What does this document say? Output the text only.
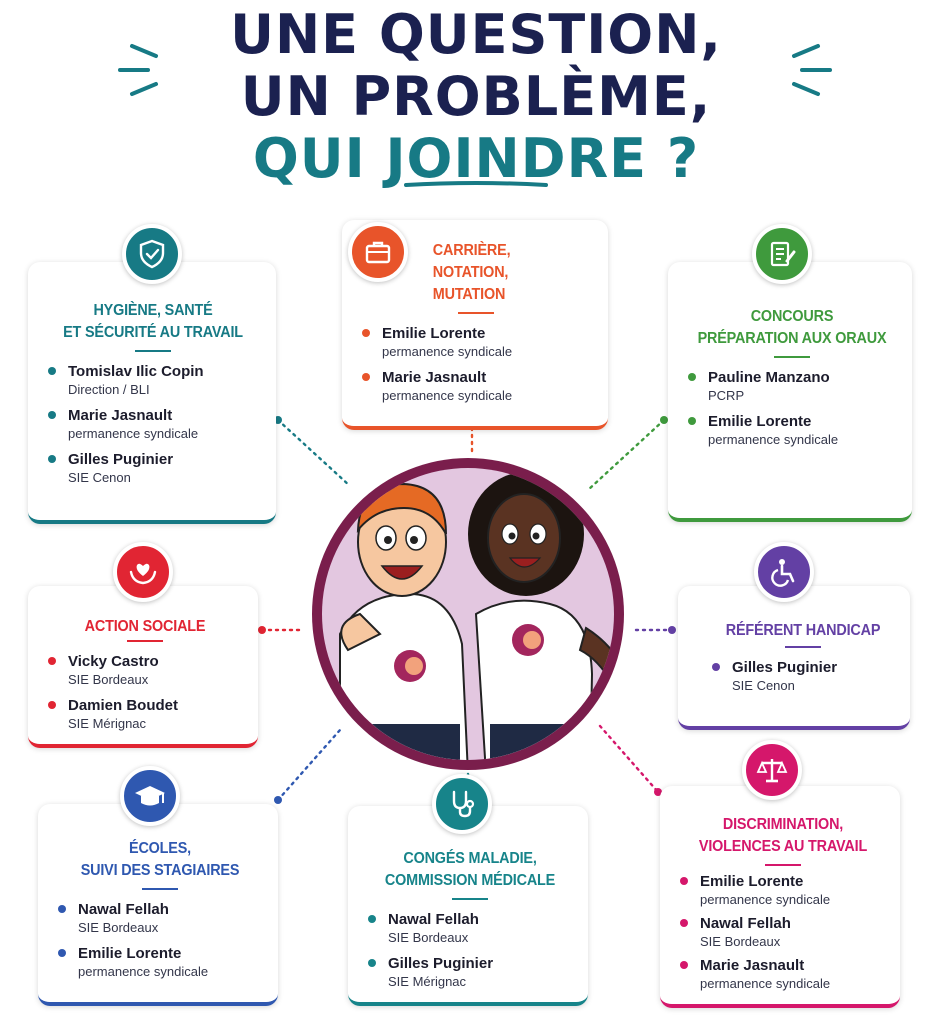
UNE QUESTION,
UN PROBLÈME,
QUI JOINDRE ?
HYGIÈNE, SANTÉ
ET SÉCURITÉ AU TRAVAIL
Tomislav Ilic Copin
Direction / BLI
Marie Jasnault
permanence syndicale
Gilles Puginier
SIE Cenon
CARRIÈRE,
NOTATION, MUTATION
Emilie Lorente
permanence syndicale
Marie Jasnault
permanence syndicale
CONCOURS
PRÉPARATION AUX ORAUX
Pauline Manzano
PCRP
Emilie Lorente
permanence syndicale
ACTION SOCIALE
Vicky Castro
SIE Bordeaux
Damien Boudet
SIE Mérignac
RÉFÉRENT HANDICAP
Gilles Puginier
SIE Cenon
ÉCOLES,
SUIVI DES STAGIAIRES
Nawal Fellah
SIE Bordeaux
Emilie Lorente
permanence syndicale
CONGÉS MALADIE,
COMMISSION MÉDICALE
Nawal Fellah
SIE Bordeaux
Gilles Puginier
SIE Mérignac
DISCRIMINATION,
VIOLENCES AU TRAVAIL
Emilie Lorente
permanence syndicale
Nawal Fellah
SIE Bordeaux
Marie Jasnault
permanence syndicale
